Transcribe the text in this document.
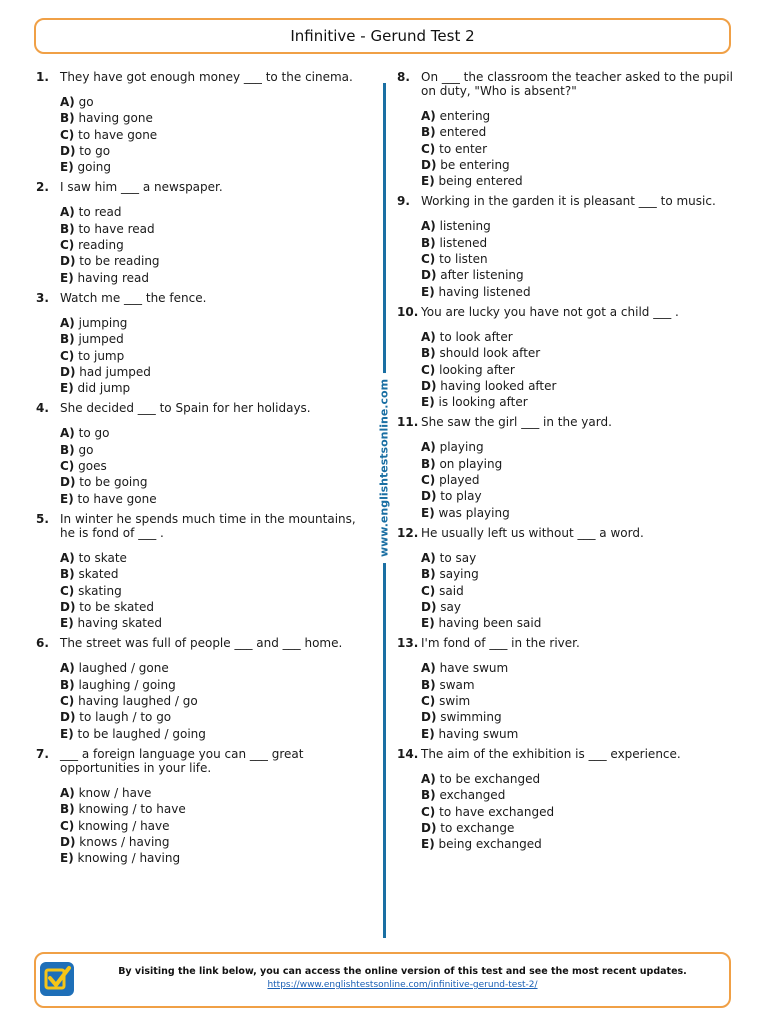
Infinitive - Gerund Test 2
1. They have got enough money ___ to the cinema.
A) go
B) having gone
C) to have gone
D) to go
E) going
2. I saw him ___ a newspaper.
A) to read
B) to have read
C) reading
D) to be reading
E) having read
3. Watch me ___ the fence.
A) jumping
B) jumped
C) to jump
D) had jumped
E) did jump
4. She decided ___ to Spain for her holidays.
A) to go
B) go
C) goes
D) to be going
E) to have gone
5. In winter he spends much time in the mountains, he is fond of ___ .
A) to skate
B) skated
C) skating
D) to be skated
E) having skated
6. The street was full of people ___ and ___ home.
A) laughed / gone
B) laughing / going
C) having laughed / go
D) to laugh / to go
E) to be laughed / going
7. ___ a foreign language you can ___ great opportunities in your life.
A) know / have
B) knowing / to have
C) knowing / have
D) knows / having
E) knowing / having
8. On ___ the classroom the teacher asked to the pupil on duty, "Who is absent?"
A) entering
B) entered
C) to enter
D) be entering
E) being entered
9. Working in the garden it is pleasant ___ to music.
A) listening
B) listened
C) to listen
D) after listening
E) having listened
10. You are lucky you have not got a child ___ .
A) to look after
B) should look after
C) looking after
D) having looked after
E) is looking after
11. She saw the girl ___ in the yard.
A) playing
B) on playing
C) played
D) to play
E) was playing
12. He usually left us without ___ a word.
A) to say
B) saying
C) said
D) say
E) having been said
13. I'm fond of ___ in the river.
A) have swum
B) swam
C) swim
D) swimming
E) having swum
14. The aim of the exhibition is ___ experience.
A) to be exchanged
B) exchanged
C) to have exchanged
D) to exchange
E) being exchanged
www.englishtestsonline.com
By visiting the link below, you can access the online version of this test and see the most recent updates.
https://www.englishtestsonline.com/infinitive-gerund-test-2/
